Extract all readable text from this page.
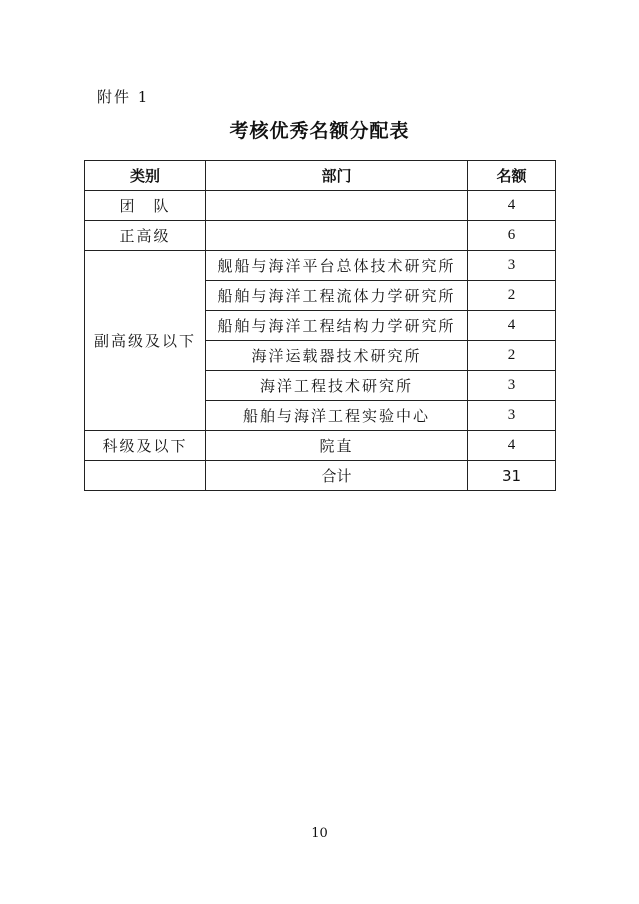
附件 1
考核优秀名额分配表
类别	部门	名额
团　队		4
正高级		6
副高级及以下	舰船与海洋平台总体技术研究所	3
	船舶与海洋工程流体力学研究所	2
	船舶与海洋工程结构力学研究所	4
	海洋运载器技术研究所	2
	海洋工程技术研究所	3
	船舶与海洋工程实验中心	3
科级及以下	院直	4
	合计	31
10
